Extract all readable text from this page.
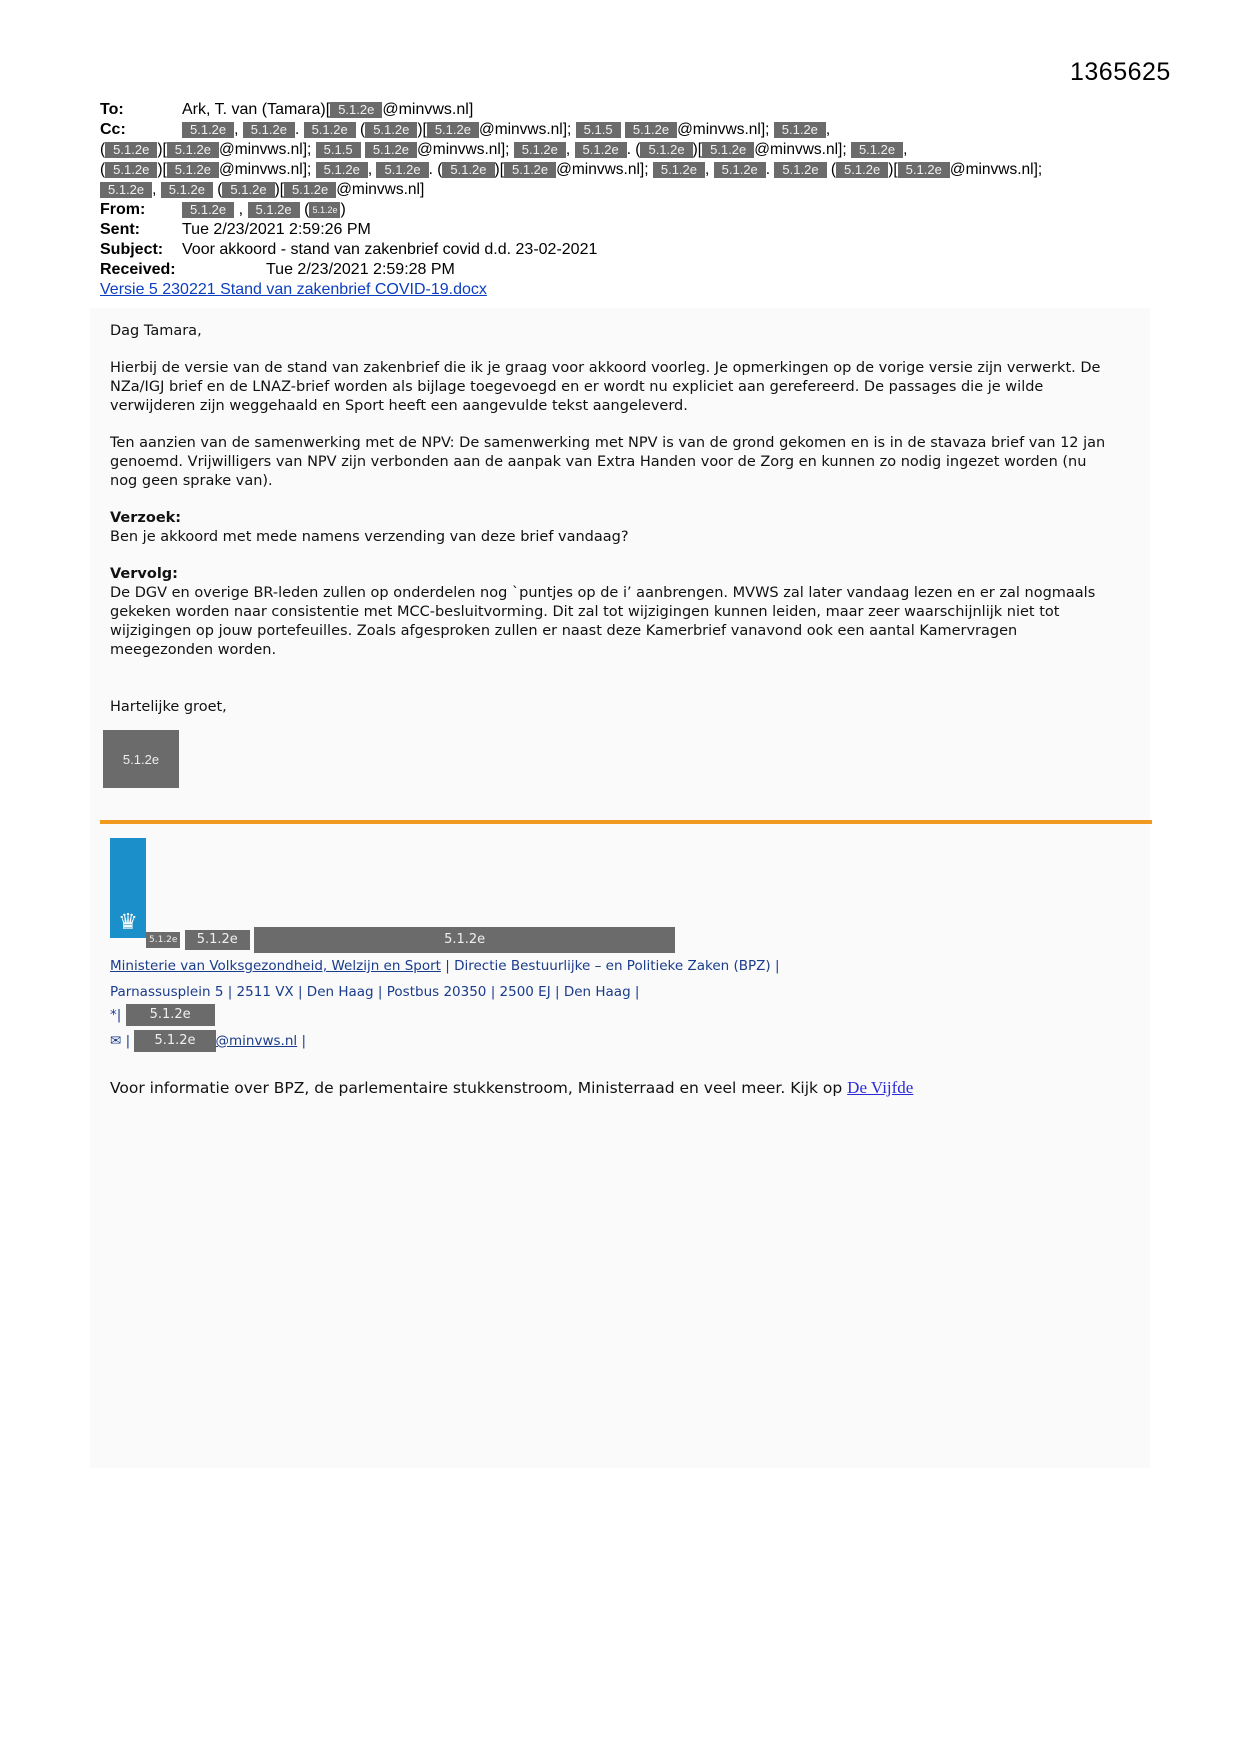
1365625
To:	Ark, T. van (Tamara)[ 5.1.2e @minvws.nl]
Cc:	5.1.2e , 5.1.2e . 5.1.2e ( 5.1.2e )[ 5.1.2e @minvws.nl]; 5.1.5 5.1.2e @minvws.nl]; 5.1.2e ,
( 5.1.2e )[ 5.1.2e @minvws.nl]; 5.1.5 5.1.2e @minvws.nl]; 5.1.2e , 5.1.2e . ( 5.1.2e )[ 5.1.2e @minvws.nl]; 5.1.2e ,
( 5.1.2e )[ 5.1.2e @minvws.nl]; 5.1.2e , 5.1.2e . ( 5.1.2e )[ 5.1.2e @minvws.nl]; 5.1.2e , 5.1.2e . 5.1.2e ( 5.1.2e )[ 5.1.2e @minvws.nl];
5.1.2e , 5.1.2e ( 5.1.2e )[ 5.1.2e @minvws.nl]
From:	5.1.2e , 5.1.2e ( 5.1.2e )
Sent:	Tue 2/23/2021 2:59:26 PM
Subject:	Voor akkoord - stand van zakenbrief covid d.d. 23-02-2021
Received:	Tue 2/23/2021 2:59:28 PM
Versie 5 230221 Stand van zakenbrief COVID-19.docx

Dag Tamara,

Hierbij de versie van de stand van zakenbrief die ik je graag voor akkoord voorleg. Je opmerkingen op de vorige versie zijn verwerkt. De NZa/IGJ brief en de LNAZ-brief worden als bijlage toegevoegd en er wordt nu expliciet aan gerefereerd. De passages die je wilde verwijderen zijn weggehaald en Sport heeft een aangevulde tekst aangeleverd.

Ten aanzien van de samenwerking met de NPV: De samenwerking met NPV is van de grond gekomen en is in de stavaza brief van 12 jan genoemd. Vrijwilligers van NPV zijn verbonden aan de aanpak van Extra Handen voor de Zorg en kunnen zo nodig ingezet worden (nu nog geen sprake van).

Verzoek:
Ben je akkoord met mede namens verzending van deze brief vandaag?

Vervolg:
De DGV en overige BR-leden zullen op onderdelen nog `puntjes op de i’ aanbrengen. MVWS zal later vandaag lezen en er zal nogmaals gekeken worden naar consistentie met MCC-besluitvorming. Dit zal tot wijzigingen kunnen leiden, maar zeer waarschijnlijk niet tot wijzigingen op jouw portefeuilles. Zoals afgesproken zullen er naast deze Kamerbrief vanavond ook een aantal Kamervragen meegezonden worden.

Hartelijke groet,

5.1.2e
♛
5.1.2e 5.1.2e	5.1.2e
Ministerie van Volksgezondheid, Welzijn en Sport | Directie Bestuurlijke – en Politieke Zaken (BPZ) |
Parnassusplein 5 | 2511 VX | Den Haag | Postbus 20350 | 2500 EJ | Den Haag |
*| 5.1.2e
✉ | 5.1.2e @minvws.nl |
Voor informatie over BPZ, de parlementaire stukkenstroom, Ministerraad en veel meer. Kijk op De Vijfde
